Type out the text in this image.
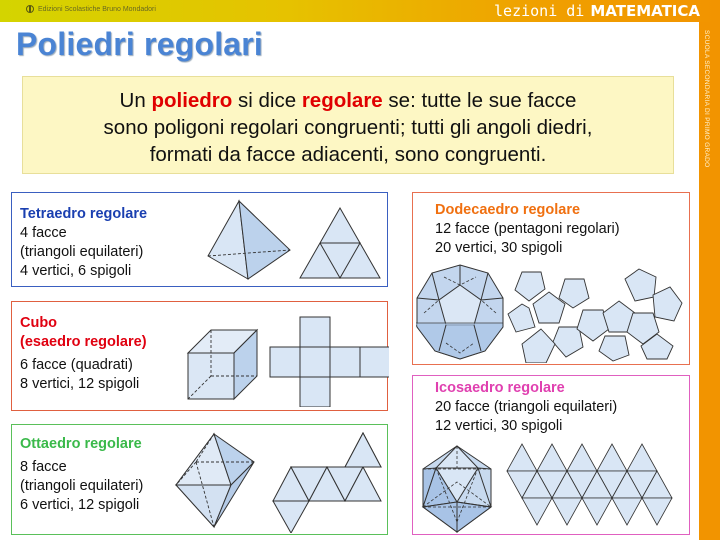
Edizioni Scolastiche Bruno Mondadori	lezioni di MATEMATICA
SCUOLA SECONDARIA DI PRIMO GRADO
Poliedri regolari
Un poliedro si dice regolare se: tutte le sue facce
sono poligoni regolari congruenti; tutti gli angoli diedri,
formati da facce adiacenti, sono congruenti.
Tetraedro regolare
4 facce
(triangoli equilateri)
4 vertici, 6 spigoli
Cubo
(esaedro regolare)
6 facce (quadrati)
8 vertici, 12 spigoli
Ottaedro regolare
8 facce
(triangoli equilateri)
6 vertici, 12 spigoli
Dodecaedro regolare
12 facce (pentagoni regolari)
20 vertici, 30 spigoli
Icosaedro regolare
20 facce (triangoli equilateri)
12 vertici, 30 spigoli
